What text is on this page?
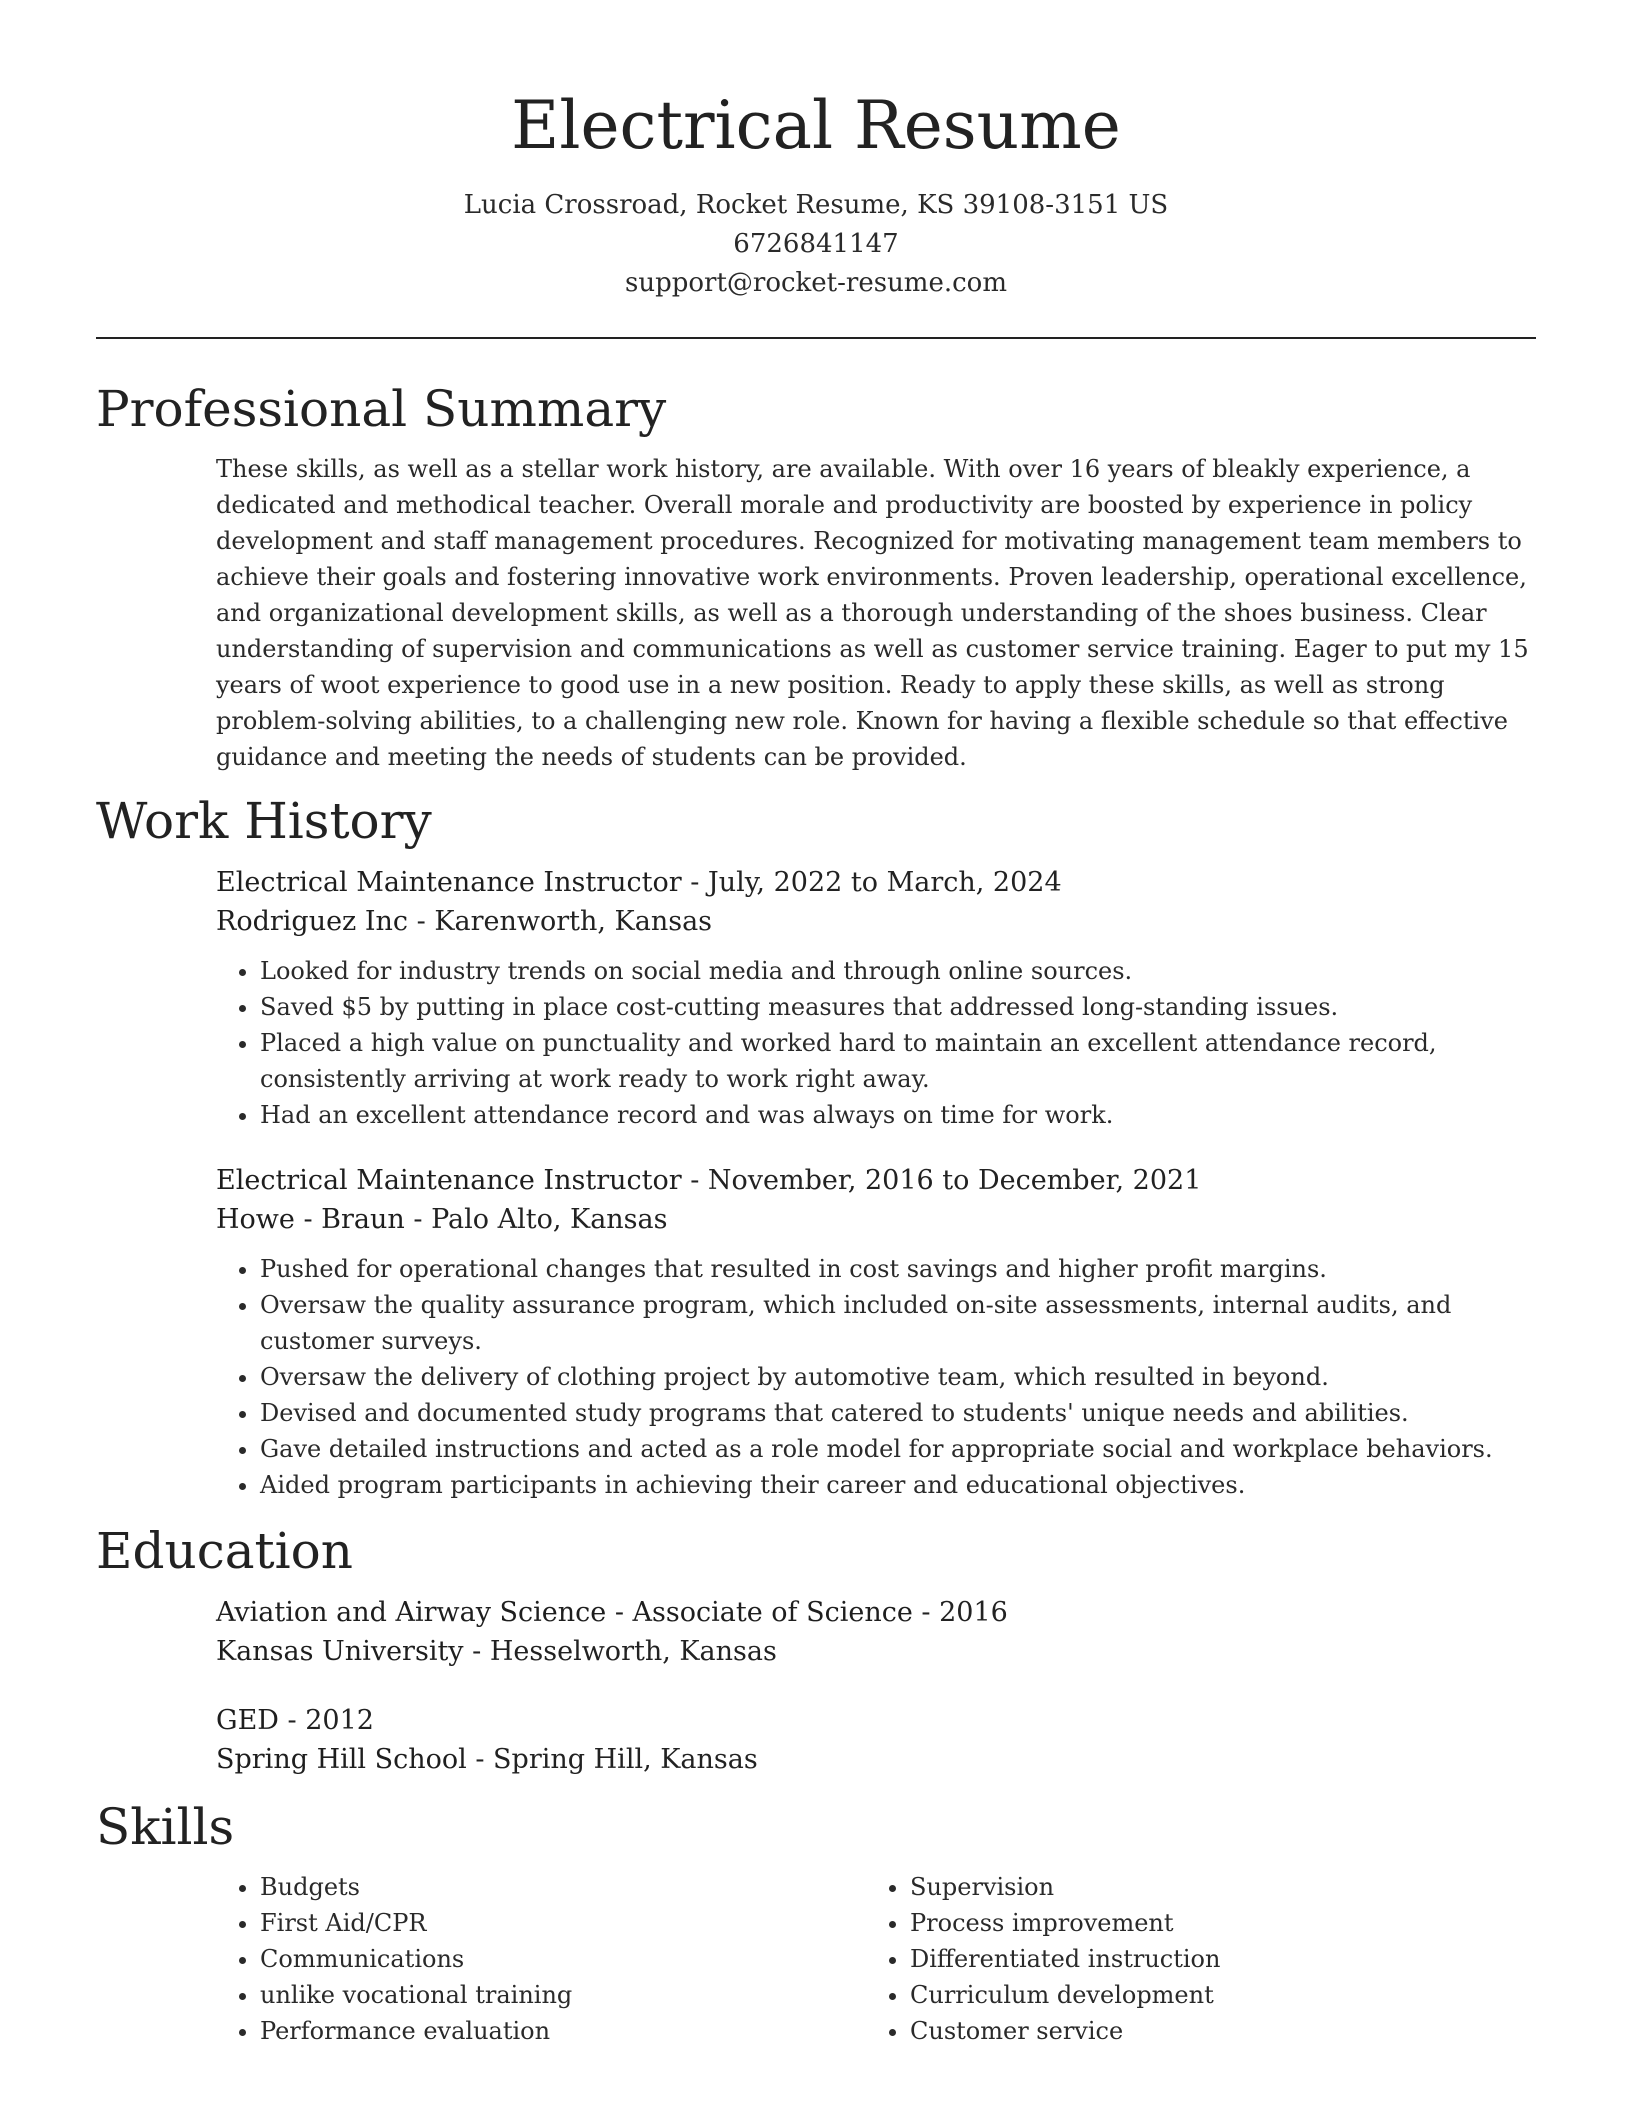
Electrical Resume
Lucia Crossroad, Rocket Resume, KS 39108-3151 US
6726841147
support@rocket-resume.com
Professional Summary
These skills, as well as a stellar work history, are available. With over 16 years of bleakly experience, a dedicated and methodical teacher. Overall morale and productivity are boosted by experience in policy development and staff management procedures. Recognized for motivating management team members to achieve their goals and fostering innovative work environments. Proven leadership, operational excellence, and organizational development skills, as well as a thorough understanding of the shoes business. Clear understanding of supervision and communications as well as customer service training. Eager to put my 15 years of woot experience to good use in a new position. Ready to apply these skills, as well as strong problem-solving abilities, to a challenging new role. Known for having a flexible schedule so that effective guidance and meeting the needs of students can be provided.
Work History
Electrical Maintenance Instructor - July, 2022 to March, 2024
Rodriguez Inc - Karenworth, Kansas
• Looked for industry trends on social media and through online sources.
• Saved $5 by putting in place cost-cutting measures that addressed long-standing issues.
• Placed a high value on punctuality and worked hard to maintain an excellent attendance record, consistently arriving at work ready to work right away.
• Had an excellent attendance record and was always on time for work.
Electrical Maintenance Instructor - November, 2016 to December, 2021
Howe - Braun - Palo Alto, Kansas
• Pushed for operational changes that resulted in cost savings and higher profit margins.
• Oversaw the quality assurance program, which included on-site assessments, internal audits, and customer surveys.
• Oversaw the delivery of clothing project by automotive team, which resulted in beyond.
• Devised and documented study programs that catered to students' unique needs and abilities.
• Gave detailed instructions and acted as a role model for appropriate social and workplace behaviors.
• Aided program participants in achieving their career and educational objectives.
Education
Aviation and Airway Science - Associate of Science - 2016
Kansas University - Hesselworth, Kansas
GED - 2012
Spring Hill School - Spring Hill, Kansas
Skills
• Budgets
• First Aid/CPR
• Communications
• unlike vocational training
• Performance evaluation
• Supervision
• Process improvement
• Differentiated instruction
• Curriculum development
• Customer service
